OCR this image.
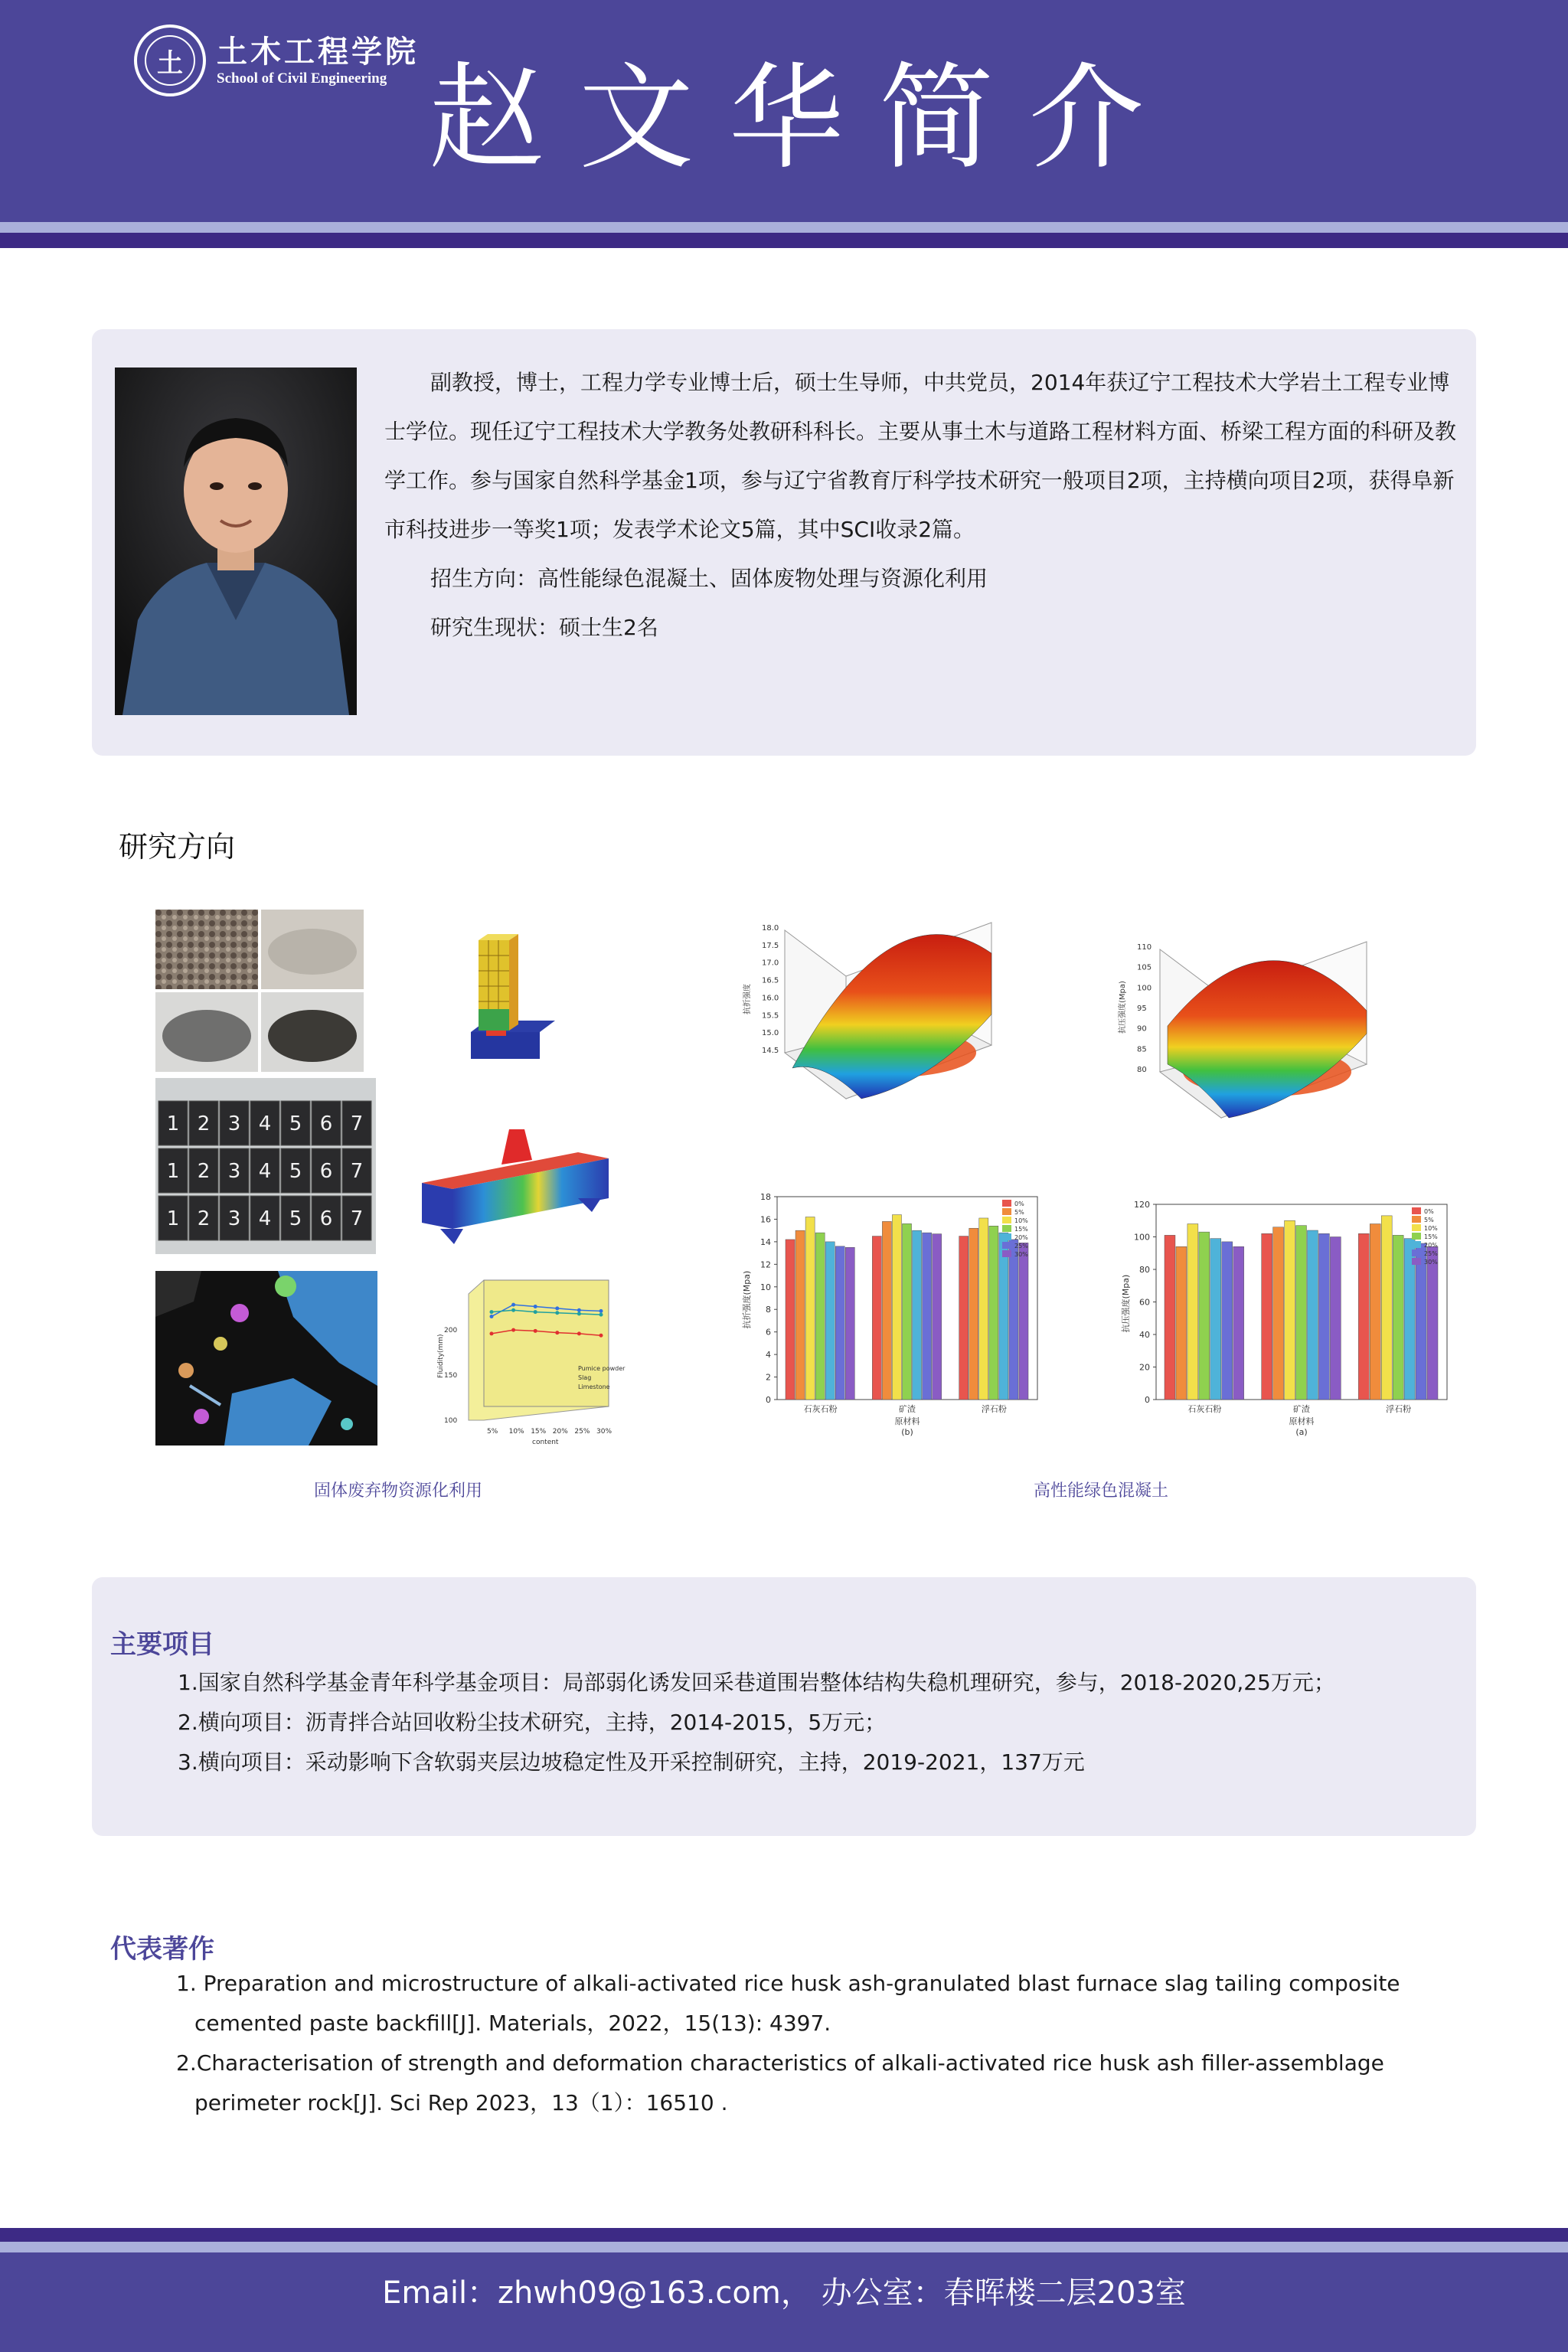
土	土木工程学院
School of Civil Engineering 赵文华简介

副教授，博士，工程力学专业博士后，硕士生导师，中共党员，2014年获辽宁工程技术大学岩土工程专业博士学位。现任辽宁工程技术大学教务处教研科科长。主要从事土木与道路工程材料方面、桥梁工程方面的科研及教学工作。参与国家自然科学基金1项，参与辽宁省教育厅科学技术研究一般项目2项，主持横向项目2项，获得阜新市科技进步一等奖1项；发表学术论文5篇，其中SCI收录2篇。

招生方向：高性能绿色混凝土、固体废物处理与资源化利用

研究生现状：硕士生2名

研究方向
1 2 3 4 5 6 7
1 2 3 4 5 6 7
1 2 3 4 5 6 7
5% 10% 15% 20% 25% 30%
100
150
200
content
Fluidity(mm)	Pumice powder
Slag
Limestone
14.5
15.0
15.5
16.0
16.5
17.0
17.5
18.0
抗折强度
80
85
90
95
100
105
110
抗压强度(Mpa)
0
2
4
6
8
10
12
14
16
18
石灰石粉	矿渣	浮石粉
原材料
(b)
抗折强度(Mpa)
0%
5%
10%
15%
20%
25%
30%
0
20
40
60
80
100
120
石灰石粉	矿渣	浮石粉
原材料
(a)
抗压强度(Mpa)
0%
5%
10%
15%
20%
25%
30%
固体废弃物资源化利用	高性能绿色混凝土
主要项目
1.国家自然科学基金青年科学基金项目：局部弱化诱发回采巷道围岩整体结构失稳机理研究，参与，2018-2020,25万元；
2.横向项目：沥青拌合站回收粉尘技术研究，主持，2014-2015，5万元；
3.横向项目：采动影响下含软弱夹层边坡稳定性及开采控制研究，主持，2019-2021，137万元
代表著作

1. Preparation and microstructure of alkali-activated rice husk ash-granulated blast furnace slag tailing composite cemented paste backfill[J]. Materials，2022，15(13): 4397.

2.Characterisation of strength and deformation characteristics of alkali-activated rice husk ash filler-assemblage perimeter rock[J]. Sci Rep 2023，13（1）：16510 .

Email：zhwh09@163.com， 办公室：春晖楼二层203室
